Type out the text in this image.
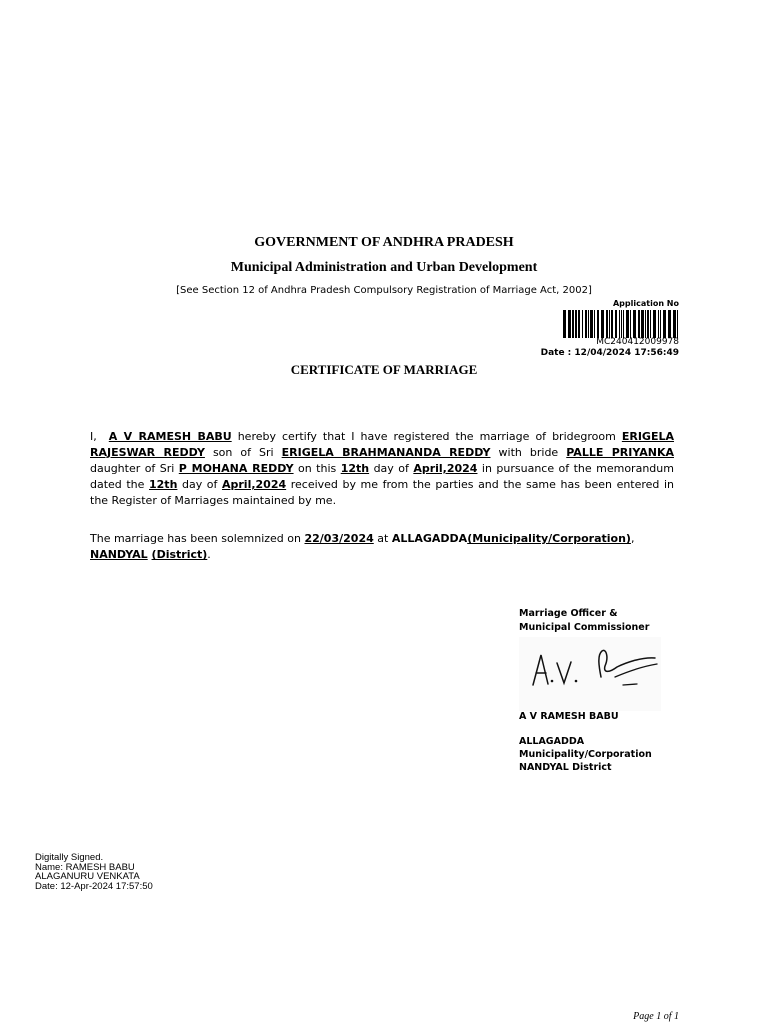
GOVERNMENT OF ANDHRA PRADESH
Municipal Administration and Urban Development
[See Section 12 of Andhra Pradesh Compulsory Registration of Marriage Act, 2002]
Application No
MC240412009978
Date : 12/04/2024 17:56:49
CERTIFICATE OF MARRIAGE
I, A V RAMESH BABU hereby certify that I have registered the marriage of bridegroom ERIGELA RAJESWAR REDDY son of Sri ERIGELA BRAHMANANDA REDDY with bride PALLE PRIYANKA daughter of Sri P MOHANA REDDY on this 12th day of April,2024 in pursuance of the memorandum dated the 12th day of April,2024 received by me from the parties and the same has been entered in the Register of Marriages maintained by me.
The marriage has been solemnized on 22/03/2024 at ALLAGADDA(Municipality/Corporation),
NANDYAL (District).
Marriage Officer &
Municipal Commissioner
A V RAMESH BABU
ALLAGADDA
Municipality/Corporation
NANDYAL District
Digitally Signed.
Name: RAMESH BABU
ALAGANURU VENKATA
Date: 12-Apr-2024 17:57:50
Page 1 of 1
